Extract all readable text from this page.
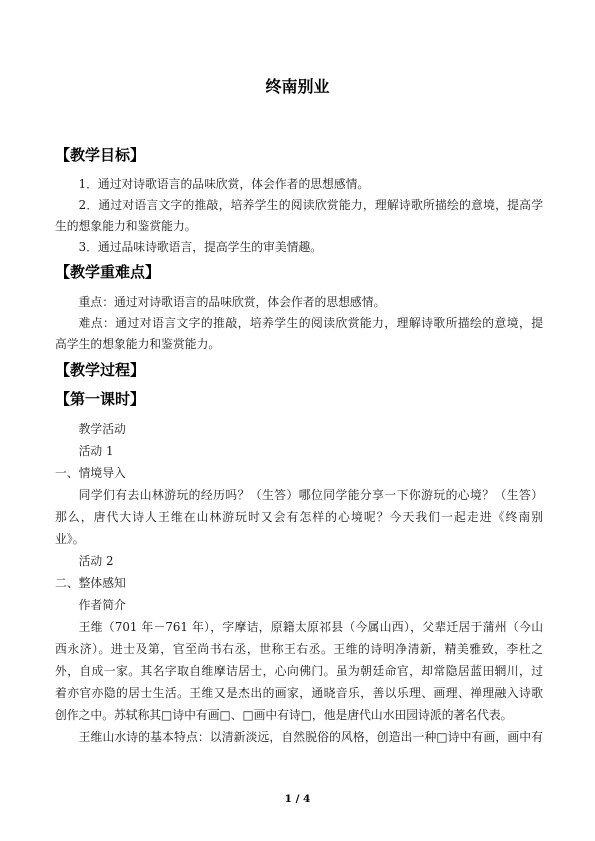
终南别业
【教学目标】
1．通过对诗歌语言的品味欣赏，体会作者的思想感情。
2．通过对语言文字的推敲，培养学生的阅读欣赏能力，理解诗歌所描绘的意境，提高学
生的想象能力和鉴赏能力。
3．通过品味诗歌语言，提高学生的审美情趣。
【教学重难点】
重点：通过对诗歌语言的品味欣赏，体会作者的思想感情。
难点：通过对语言文字的推敲，培养学生的阅读欣赏能力，理解诗歌所描绘的意境，提
高学生的想象能力和鉴赏能力。
【教学过程】
【第一课时】
教学活动
活动 1
一、情境导入
同学们有去山林游玩的经历吗？（生答）哪位同学能分享一下你游玩的心境？（生答）
那么，唐代大诗人王维在山林游玩时又会有怎样的心境呢？今天我们一起走进《终南别
业》。
活动 2
二、整体感知
作者简介
王维（701 年－761 年），字摩诘，原籍太原祁县（今属山西），父辈迁居于蒲州（今山
西永济）。进士及第，官至尚书右丞，世称王右丞。王维的诗明净清新，精美雅致，李杜之
外，自成一家。其名字取自维摩诘居士，心向佛门。虽为朝廷命官，却常隐居蓝田辋川，过
着亦官亦隐的居士生活。王维又是杰出的画家，通晓音乐，善以乐理、画理、禅理融入诗歌
创作之中。苏轼称其□诗中有画□、□画中有诗□，他是唐代山水田园诗派的著名代表。
王维山水诗的基本特点：以清新淡远，自然脱俗的风格，创造出一种□诗中有画，画中有
1 / 4
